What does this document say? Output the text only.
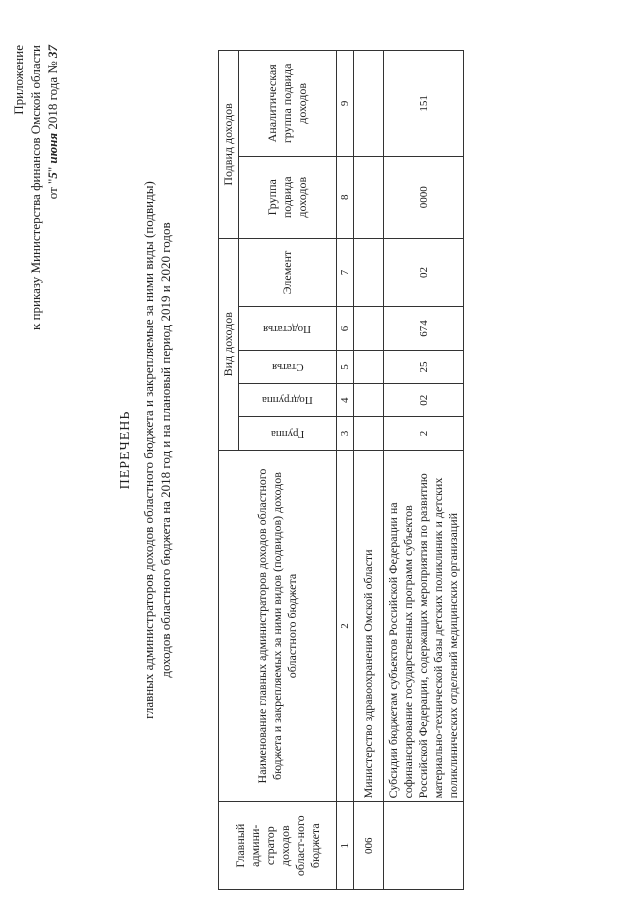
Приложение к приказу Министерства финансов Омской области от "5" июня 2018 года № 37
ПЕРЕЧЕНЬ главных администраторов доходов областного бюджета и закрепляемые за ними виды (подвиды) доходов областного бюджета на 2018 год и на плановый период 2019 и 2020 годов
Главный админи-стратор доходов област-ного бюджета	Наименование главных администраторов доходов областного бюджета и закрепляемых за ними видов (подвидов) доходов областного бюджета	Вид доходов					Подвид доходов	

		Группа	Подгруппа	Статья	Подстатья	Элемент	Группа подвида доходов	Аналитическая группа подвида доходов
1	2	3	4	5	6	7	8	9
006	Министерство здравоохранения Омской области							
	Субсидии бюджетам субъектов Российской Федерации на софинансирование государственных программ субъектов Российской Федерации, содержащих мероприятия по развитию материально-технической базы детских поликлиник и детских поликлинических отделений медицинских организаций	2	02	25	674	02	0000	151
